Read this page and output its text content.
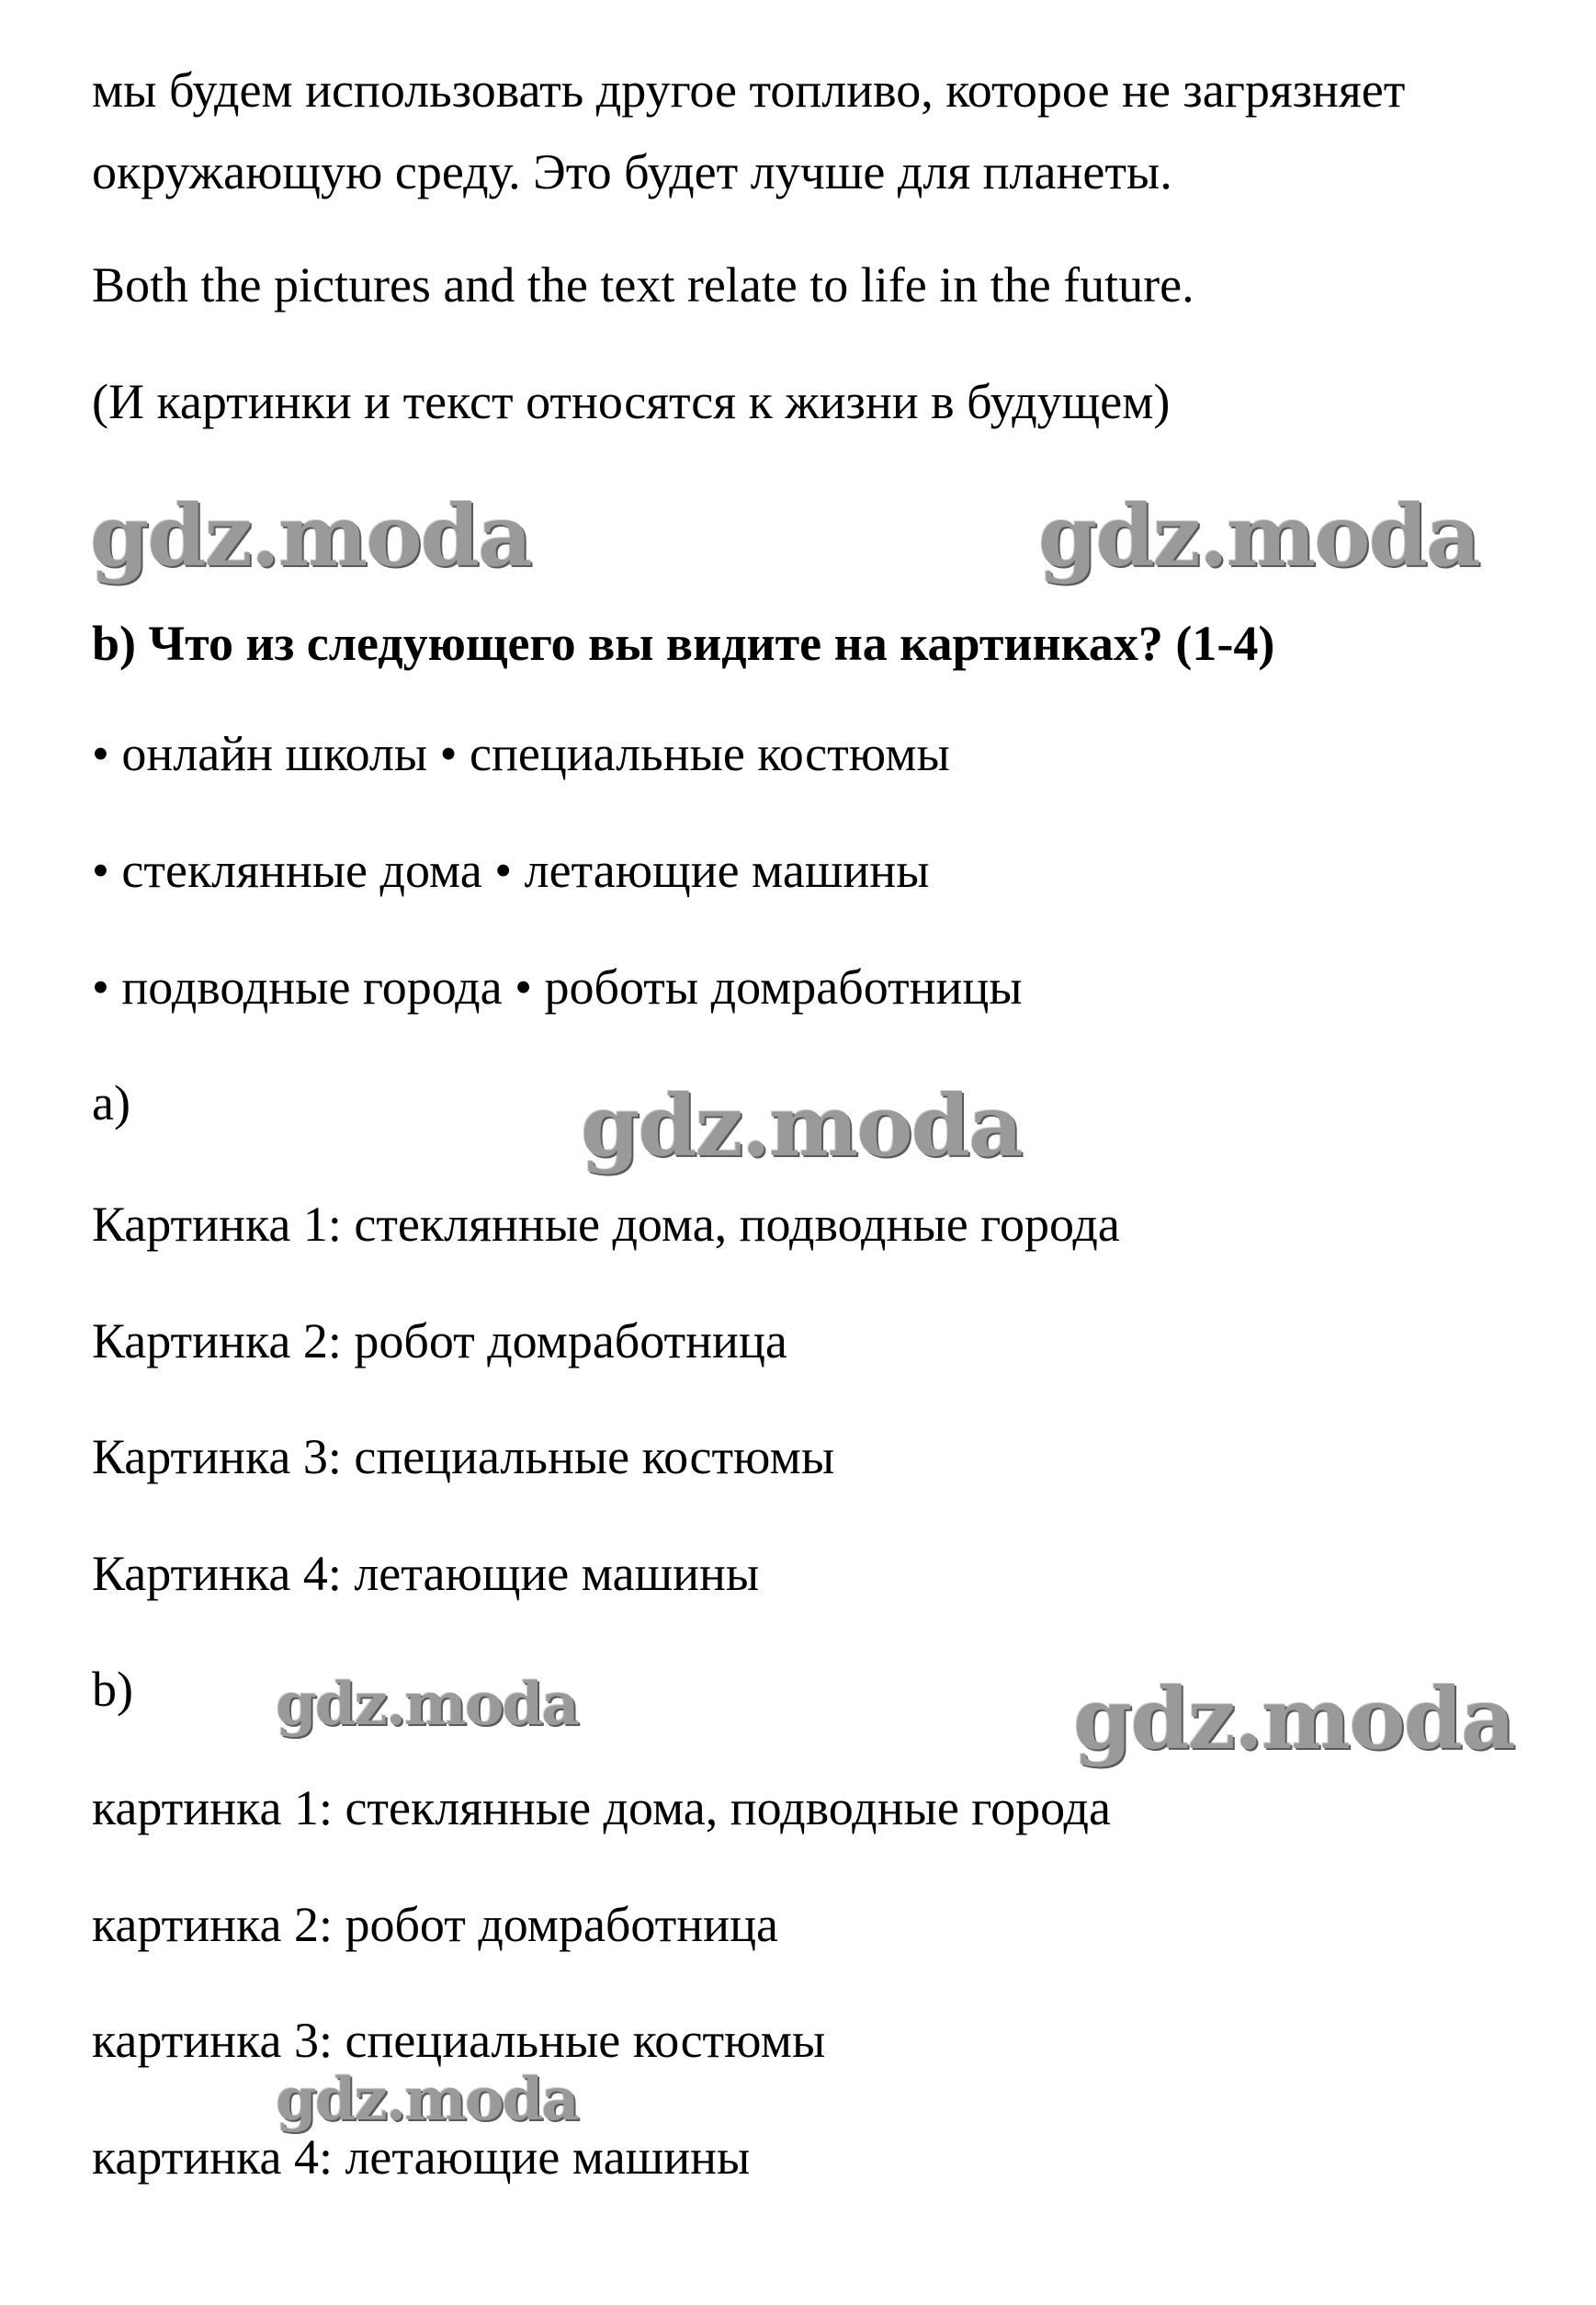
gdz.moda	gdz.moda
gdz.moda
gdz.moda	gdz.moda
gdz.moda

мы будем использовать другое топливо, которое не загрязняет

окружающую среду. Это будет лучше для планеты.

Both the pictures and the text relate to life in the future.

(И картинки и текст относятся к жизни в будущем)

b) Что из следующего вы видите на картинках? (1-4)

• онлайн школы • специальные костюмы

• стеклянные дома • летающие машины

• подводные города • роботы домработницы

a)

Картинка 1: стеклянные дома, подводные города

Картинка 2: робот домработница

Картинка 3: специальные костюмы

Картинка 4: летающие машины

b)

картинка 1: стеклянные дома, подводные города

картинка 2: робот домработница

картинка 3: специальные костюмы

картинка 4: летающие машины
